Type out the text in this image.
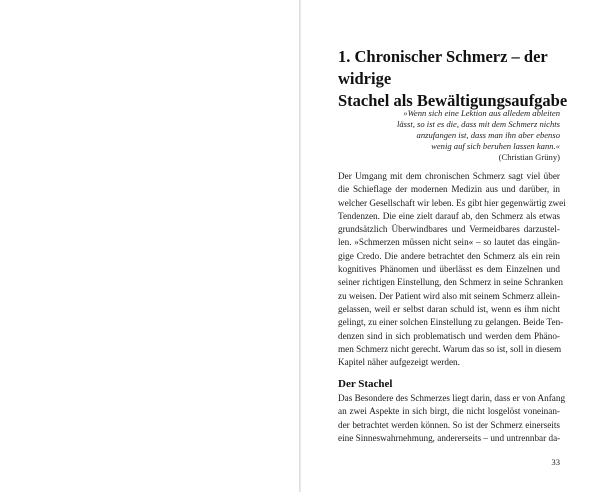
1. Chronischer Schmerz – der widrige
Stachel als Bewältigungsaufgabe
»Wenn sich eine Lektion aus alledem ableiten
lässt, so ist es die, dass mit dem Schmerz nichts
anzufangen ist, dass man ihn aber ebenso
wenig auf sich beruhen lassen kann.«
(Christian Grüny)
Der Umgang mit dem chronischen Schmerz sagt viel über
die Schieflage der modernen Medizin aus und darüber, in
welcher Gesellschaft wir leben. Es gibt hier gegenwärtig zwei
Tendenzen. Die eine zielt darauf ab, den Schmerz als etwas
grundsätzlich Überwindbares und Vermeidbares darzustel-
len. »Schmerzen müssen nicht sein« – so lautet das eingän-
gige Credo. Die andere betrachtet den Schmerz als ein rein
kognitives Phänomen und überlässt es dem Einzelnen und
seiner richtigen Einstellung, den Schmerz in seine Schranken
zu weisen. Der Patient wird also mit seinem Schmerz allein-
gelassen, weil er selbst daran schuld ist, wenn es ihm nicht
gelingt, zu einer solchen Einstellung zu gelangen. Beide Ten-
denzen sind in sich problematisch und werden dem Phäno-
men Schmerz nicht gerecht. Warum das so ist, soll in diesem
Kapitel näher aufgezeigt werden.
Der Stachel
Das Besondere des Schmerzes liegt darin, dass er von Anfang
an zwei Aspekte in sich birgt, die nicht losgelöst voneinan-
der betrachtet werden können. So ist der Schmerz einerseits
eine Sinneswahrnehmung, andererseits – und untrennbar da-
33
